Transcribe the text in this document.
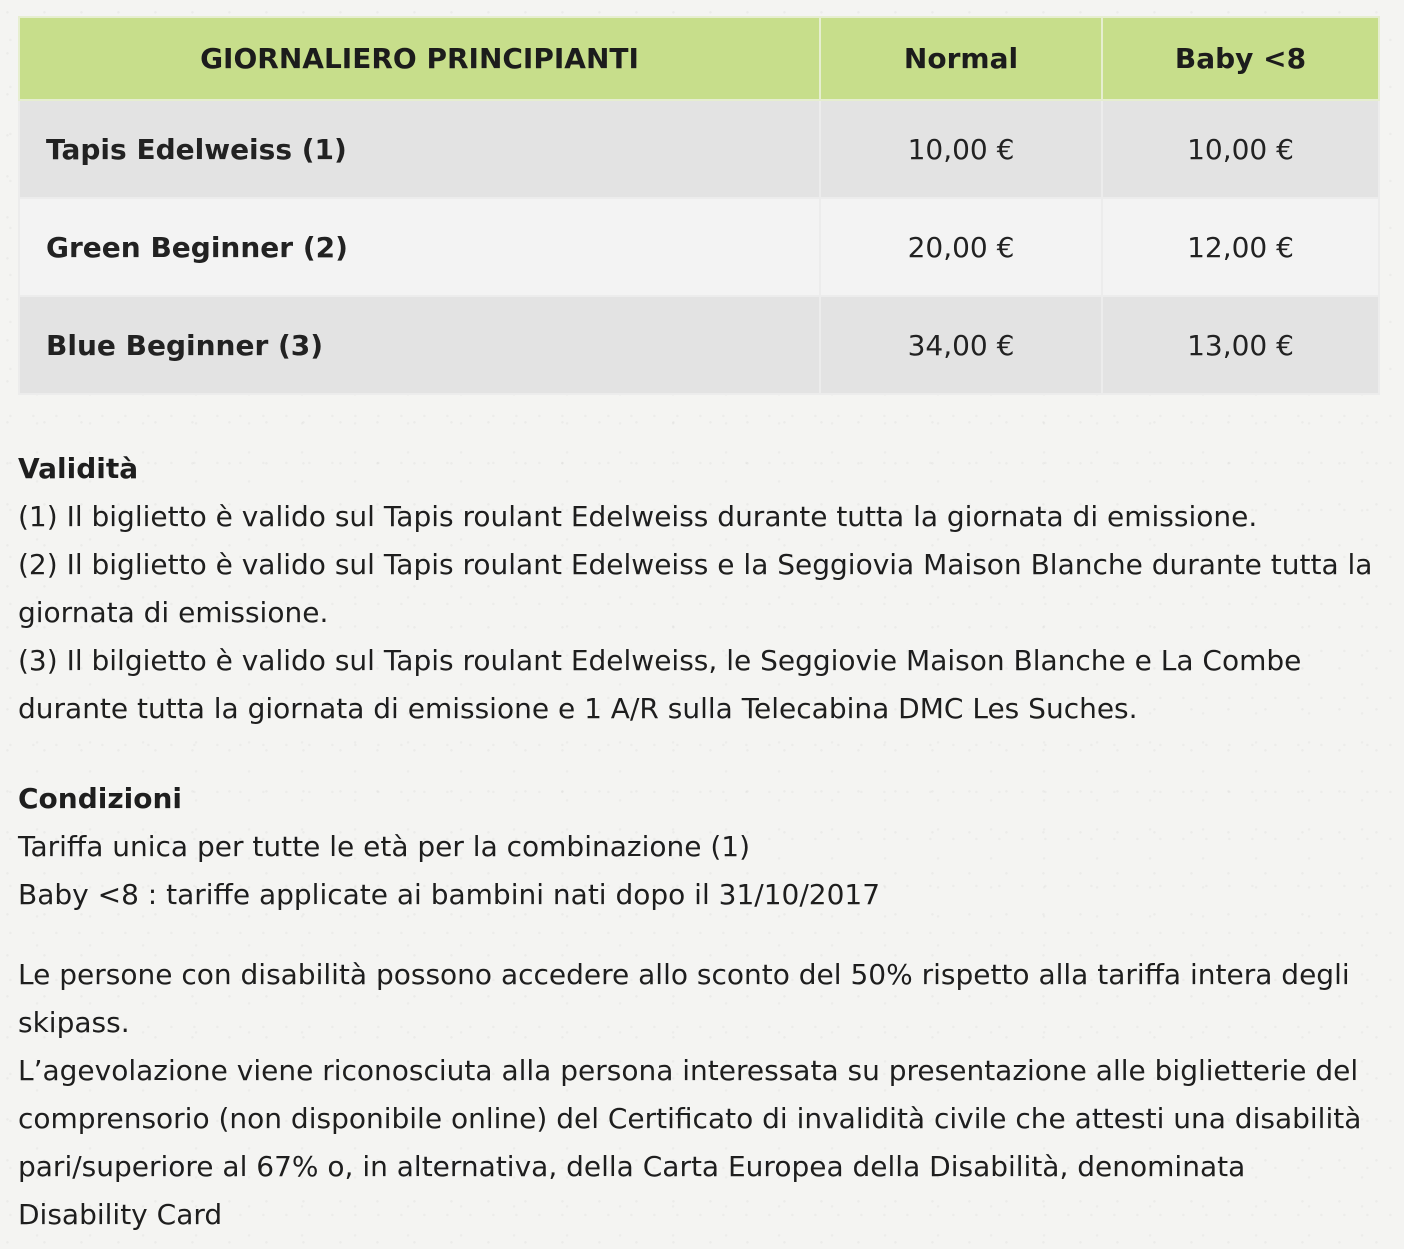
GIORNALIERO PRINCIPIANTI	Normal	Baby <8
Tapis Edelweiss (1)	10,00 €	10,00 €
Green Beginner (2)	20,00 €	12,00 €
Blue Beginner (3)	34,00 €	13,00 €

Validità

(1) Il biglietto è valido sul Tapis roulant Edelweiss durante tutta la giornata di emissione.

(2) Il biglietto è valido sul Tapis roulant Edelweiss e la Seggiovia Maison Blanche durante tutta la giornata di emissione.

(3) Il bilgietto è valido sul Tapis roulant Edelweiss, le Seggiovie Maison Blanche e La Combe durante tutta la giornata di emissione e 1 A/R sulla Telecabina DMC Les Suches.

Condizioni

Tariffa unica per tutte le età per la combinazione (1)

Baby <8 : tariffe applicate ai bambini nati dopo il 31/10/2017

Le persone con disabilità possono accedere allo sconto del 50% rispetto alla tariffa intera degli skipass.

L’agevolazione viene riconosciuta alla persona interessata su presentazione alle biglietterie del comprensorio (non disponibile online) del Certificato di invalidità civile che attesti una disabilità pari/superiore al 67% o, in alternativa, della Carta Europea della Disabilità, denominata Disability Card
